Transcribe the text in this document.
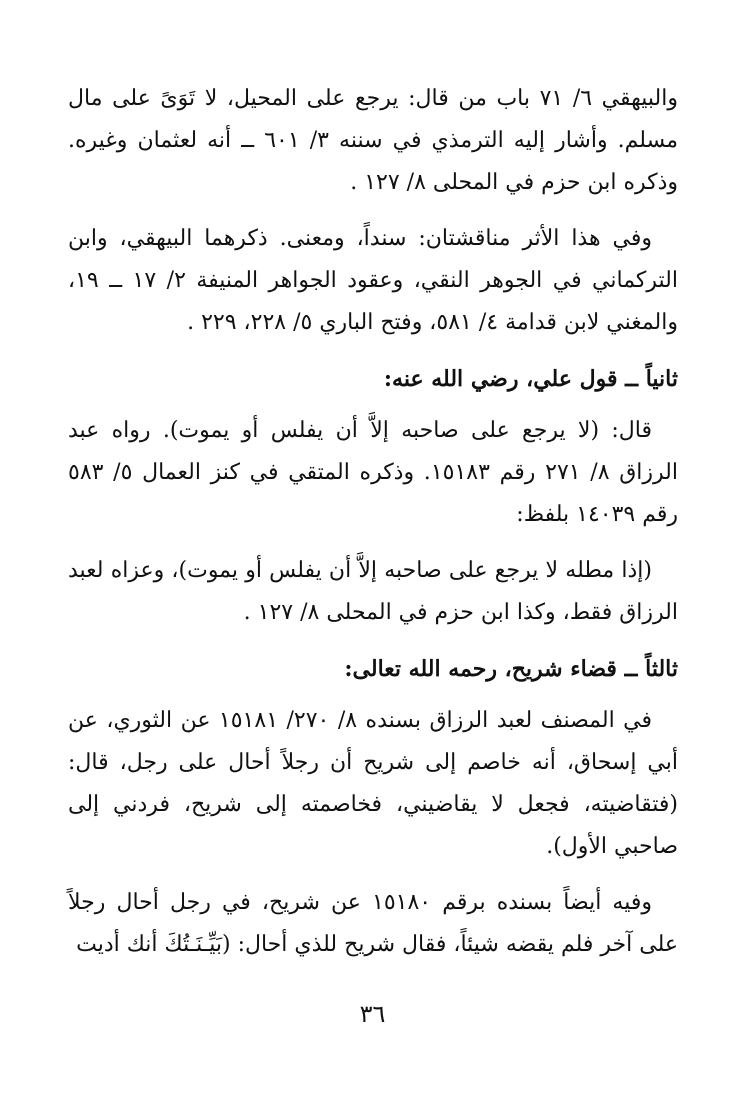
والبيهقي ٦/ ٧١ باب من قال: يرجع على المحيل، لا تَوَىً على مال مسلم. وأشار إليه الترمذي في سننه ٣/ ٦٠١ ــ أنه لعثمان وغيره. وذكره ابن حزم في المحلى ٨/ ١٢٧ .

وفي هذا الأثر مناقشتان: سنداً، ومعنى. ذكرهما البيهقي، وابن التركماني في الجوهر النقي، وعقود الجواهر المنيفة ٢/ ١٧ ــ ١٩، والمغني لابن قدامة ٤/ ٥٨١، وفتح الباري ٥/ ٢٢٨، ٢٢٩ .

ثانياً ــ قول علي، رضي الله عنه:

قال: (لا يرجع على صاحبه إلاَّ أن يفلس أو يموت). رواه عبد الرزاق ٨/ ٢٧١ رقم ١٥١٨٣. وذكره المتقي في كنز العمال ٥/ ٥٨٣ رقم ١٤٠٣٩ بلفظ:

(إذا مطله لا يرجع على صاحبه إلاَّ أن يفلس أو يموت)، وعزاه لعبد الرزاق فقط، وكذا ابن حزم في المحلى ٨/ ١٢٧ .

ثالثاً ــ قضاء شريح، رحمه الله تعالى:

في المصنف لعبد الرزاق بسنده ٨/ ٢٧٠/ ١٥١٨١ عن الثوري، عن أبي إسحاق، أنه خاصم إلى شريح أن رجلاً أحال على رجل، قال: (فتقاضيته، فجعل لا يقاضيني، فخاصمته إلى شريح، فردني إلى صاحبي الأول).

وفيه أيضاً بسنده برقم ١٥١٨٠ عن شريح، في رجل أحال رجلاً على آخر فلم يقضه شيئاً، فقال شريح للذي أحال: (بَيِّـنَـتُكَ أنك أديت

٣٦
